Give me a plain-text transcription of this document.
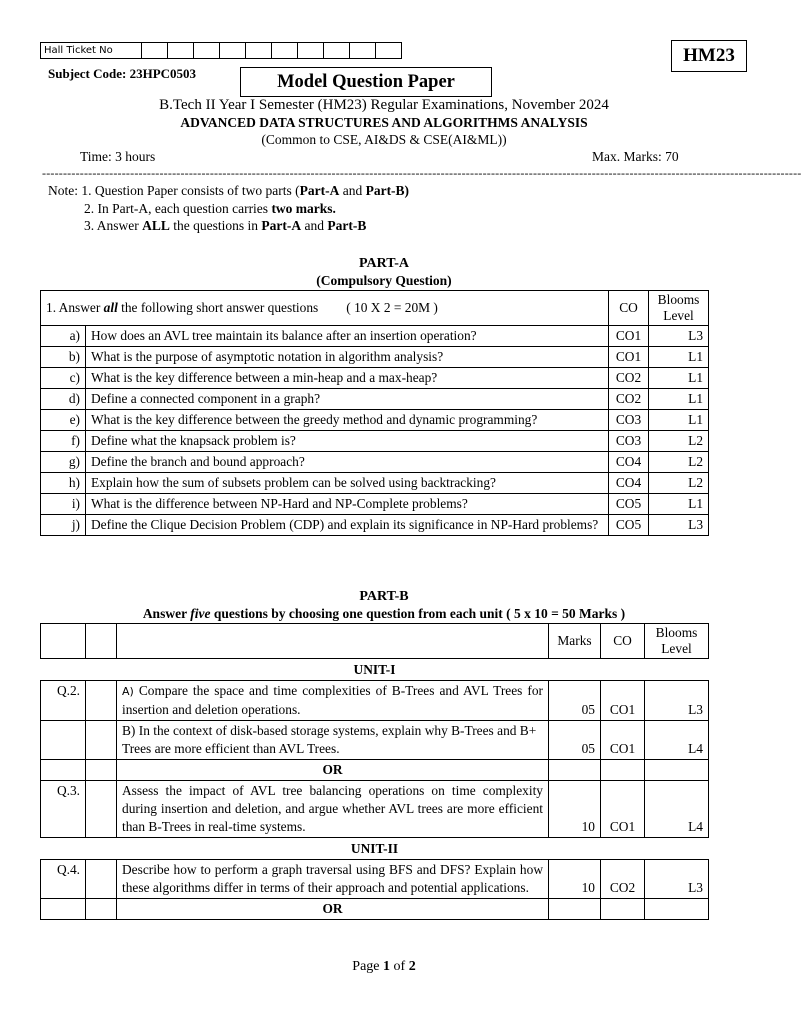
Hall Ticket No											HM23
Subject Code: 23HPC0503	Model Question Paper
B.Tech II Year I Semester (HM23) Regular Examinations, November 2024
ADVANCED DATA STRUCTURES AND ALGORITHMS ANALYSIS
(Common to CSE, AI&DS & CSE(AI&ML))
Time: 3 hours	Max. Marks: 70
-------------------------------------------------------------------------------------------------------------------------------------------------------------------------------------
Note: 1. Question Paper consists of two parts (Part-A and Part-B)
2. In Part-A, each question carries two marks.
3. Answer ALL the questions in Part-A and Part-B
PART-A
(Compulsory Question)
1. Answer all the following short answer questions ( 10 X 2 = 20M )		CO	Blooms Level
a)	How does an AVL tree maintain its balance after an insertion operation?	CO1	L3
b)	What is the purpose of asymptotic notation in algorithm analysis?	CO1	L1
c)	What is the key difference between a min-heap and a max-heap?	CO2	L1
d)	Define a connected component in a graph?	CO2	L1
e)	What is the key difference between the greedy method and dynamic programming?	CO3	L1
f)	Define what the knapsack problem is?	CO3	L2
g)	Define the branch and bound approach?	CO4	L2
h)	Explain how the sum of subsets problem can be solved using backtracking?	CO4	L2
i)	What is the difference between NP-Hard and NP-Complete problems?	CO5	L1
j)	Define the Clique Decision Problem (CDP) and explain its significance in NP-Hard problems?	CO5	L3
PART-B
Answer five questions by choosing one question from each unit ( 5 x 10 = 50 Marks )
			Marks	CO	Blooms Level
UNIT-I					
Q.2.		A) Compare the space and time complexities of B-Trees and AVL Trees for insertion and deletion operations.	05	CO1	L3
		B) In the context of disk-based storage systems, explain why B-Trees and B+ Trees are more efficient than AVL Trees.	05	CO1	L4
		OR			
Q.3.		Assess the impact of AVL tree balancing operations on time complexity during insertion and deletion, and argue whether AVL trees are more efficient than B-Trees in real-time systems.	10	CO1	L4
UNIT-II					
Q.4.		Describe how to perform a graph traversal using BFS and DFS? Explain how these algorithms differ in terms of their approach and potential applications.	10	CO2	L3
		OR			
Page 1 of 2
